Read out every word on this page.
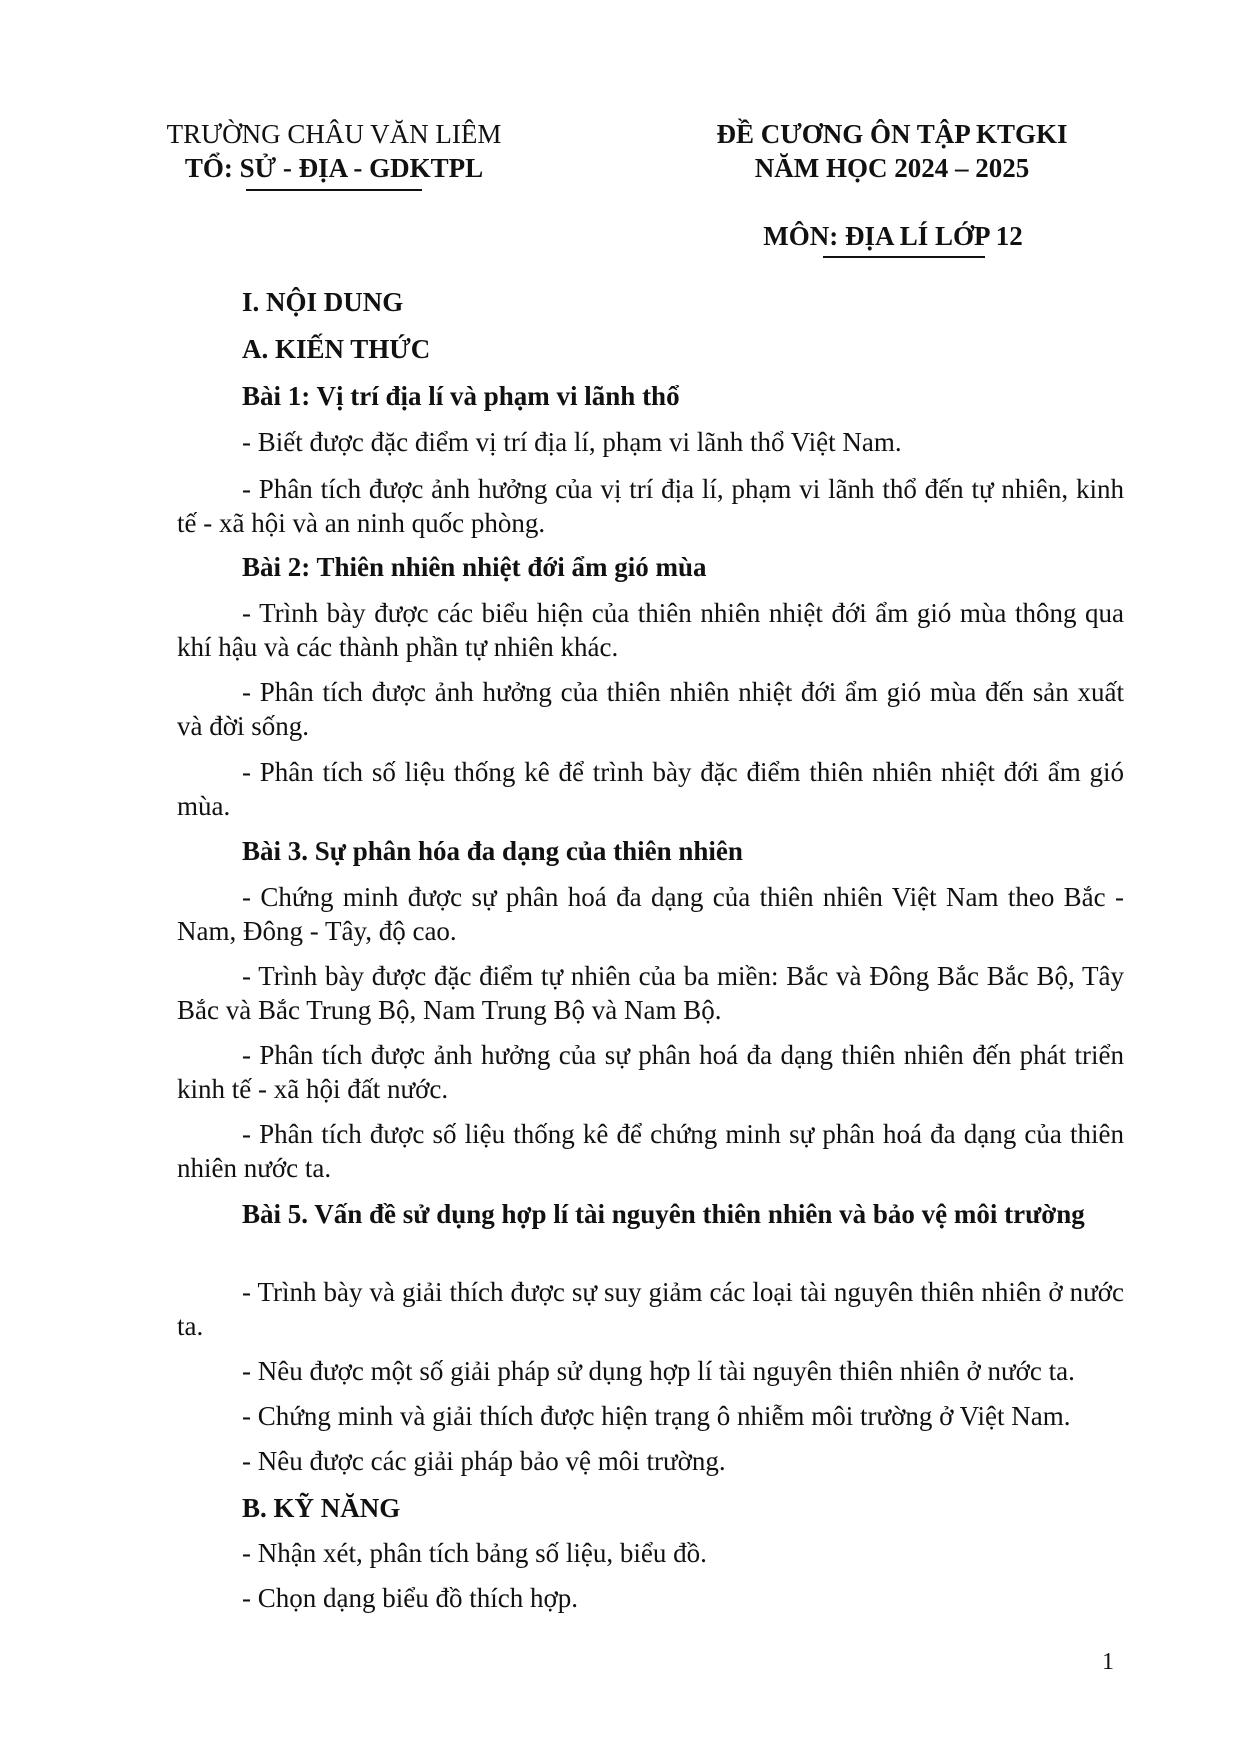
TRƯỜNG CHÂU VĂN LIÊM
TỔ: SỬ - ĐỊA - GDKTPL
ĐỀ CƯƠNG ÔN TẬP KTGKI
NĂM HỌC 2024 – 2025
MÔN: ĐỊA LÍ LỚP 12
I. NỘI DUNG
A. KIẾN THỨC
Bài 1: Vị trí địa lí và phạm vi lãnh thổ
- Biết được đặc điểm vị trí địa lí, phạm vi lãnh thổ Việt Nam.
- Phân tích được ảnh hưởng của vị trí địa lí, phạm vi lãnh thổ đến tự nhiên, kinh tế - xã hội và an ninh quốc phòng.
Bài 2: Thiên nhiên nhiệt đới ẩm gió mùa
- Trình bày được các biểu hiện của thiên nhiên nhiệt đới ẩm gió mùa thông qua khí hậu và các thành phần tự nhiên khác.
- Phân tích được ảnh hưởng của thiên nhiên nhiệt đới ẩm gió mùa đến sản xuất và đời sống.
- Phân tích số liệu thống kê để trình bày đặc điểm thiên nhiên nhiệt đới ẩm gió mùa.
Bài 3. Sự phân hóa đa dạng của thiên nhiên
- Chứng minh được sự phân hoá đa dạng của thiên nhiên Việt Nam theo Bắc - Nam, Đông - Tây, độ cao.
- Trình bày được đặc điểm tự nhiên của ba miền: Bắc và Đông Bắc Bắc Bộ, Tây Bắc và Bắc Trung Bộ, Nam Trung Bộ và Nam Bộ.
- Phân tích được ảnh hưởng của sự phân hoá đa dạng thiên nhiên đến phát triển kinh tế - xã hội đất nước.
- Phân tích được số liệu thống kê để chứng minh sự phân hoá đa dạng của thiên nhiên nước ta.
Bài 5. Vấn đề sử dụng hợp lí tài nguyên thiên nhiên và bảo vệ môi trường
- Trình bày và giải thích được sự suy giảm các loại tài nguyên thiên nhiên ở nước ta.
- Nêu được một số giải pháp sử dụng hợp lí tài nguyên thiên nhiên ở nước ta.
- Chứng minh và giải thích được hiện trạng ô nhiễm môi trường ở Việt Nam.
- Nêu được các giải pháp bảo vệ môi trường.
B. KỸ NĂNG
- Nhận xét, phân tích bảng số liệu, biểu đồ.
- Chọn dạng biểu đồ thích hợp.
1
